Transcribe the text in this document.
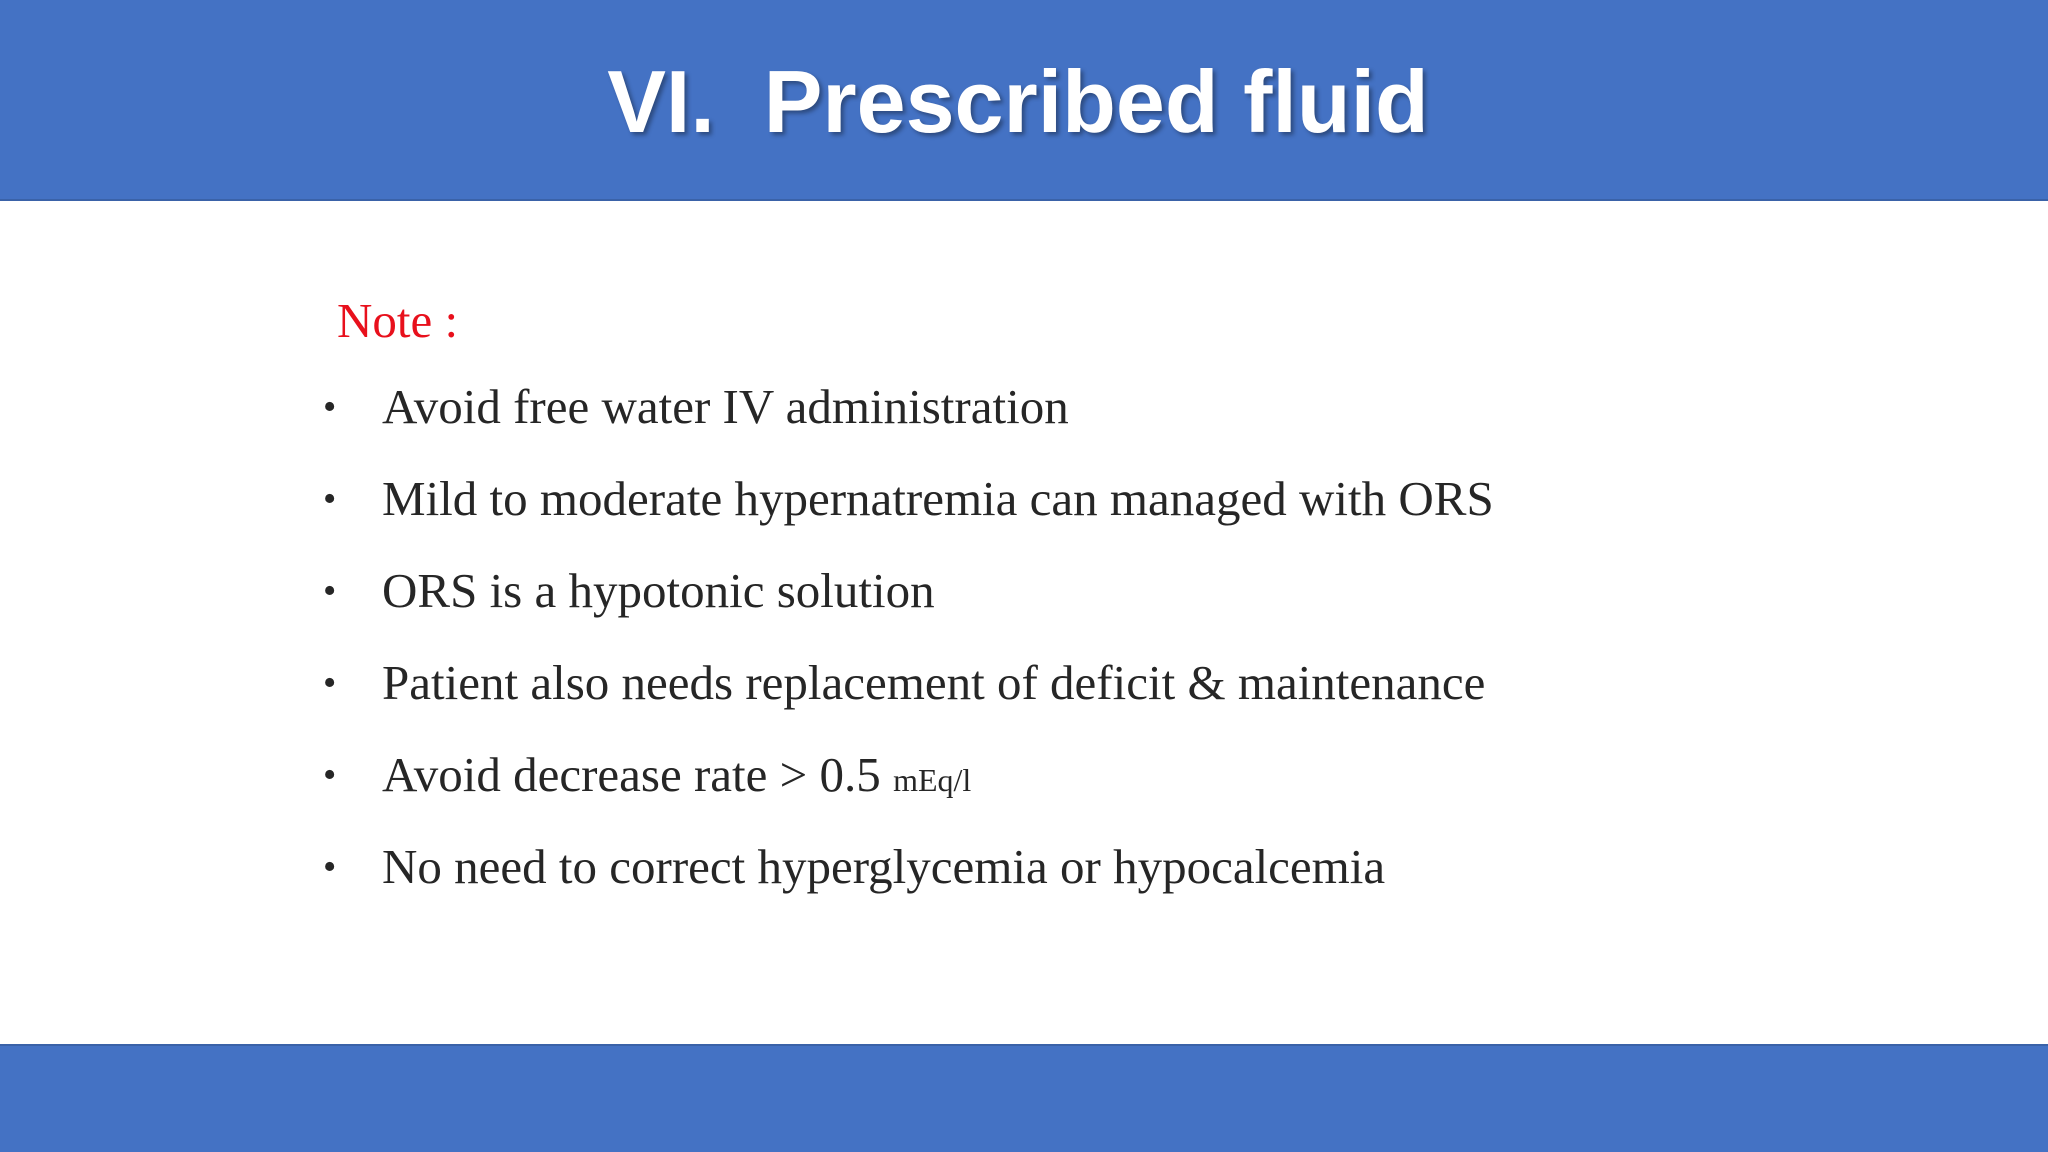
VI.  Prescribed fluid
Note :
• Avoid free water IV administration
• Mild to moderate hypernatremia can managed with ORS
• ORS is a hypotonic solution
• Patient also needs replacement of deficit & maintenance
• Avoid decrease rate > 0.5 mEq/l
• No need to correct hyperglycemia or hypocalcemia
